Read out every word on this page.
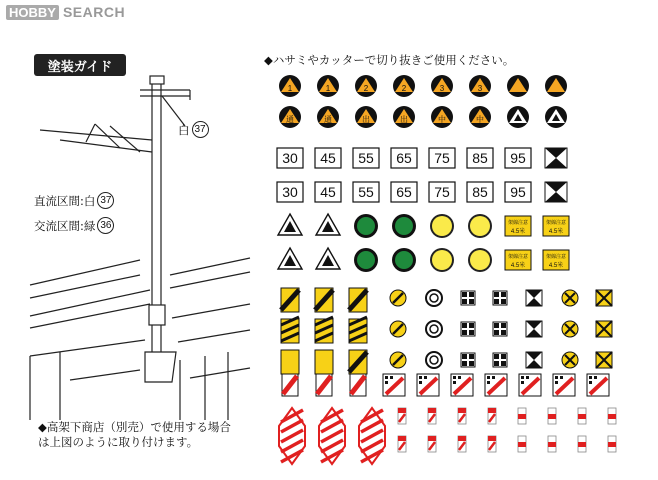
HOBBY SEARCH
塗装ガイド	◆ハサミやカッターで切り抜きご使用ください。
白 37
直流区間:白 37
交流区間:緑 36
◆高架下商店（別売）で使用する場合
は上図のように取り付けます。
1	1	2	2	3	3
通	通	出	出	中	中
30 45 55 65 75 85 95
30 45 55 65 75 85 95
架線注意
4.5米
架線注意
4.5米
架線注意
4.5米
架線注意
4.5米
